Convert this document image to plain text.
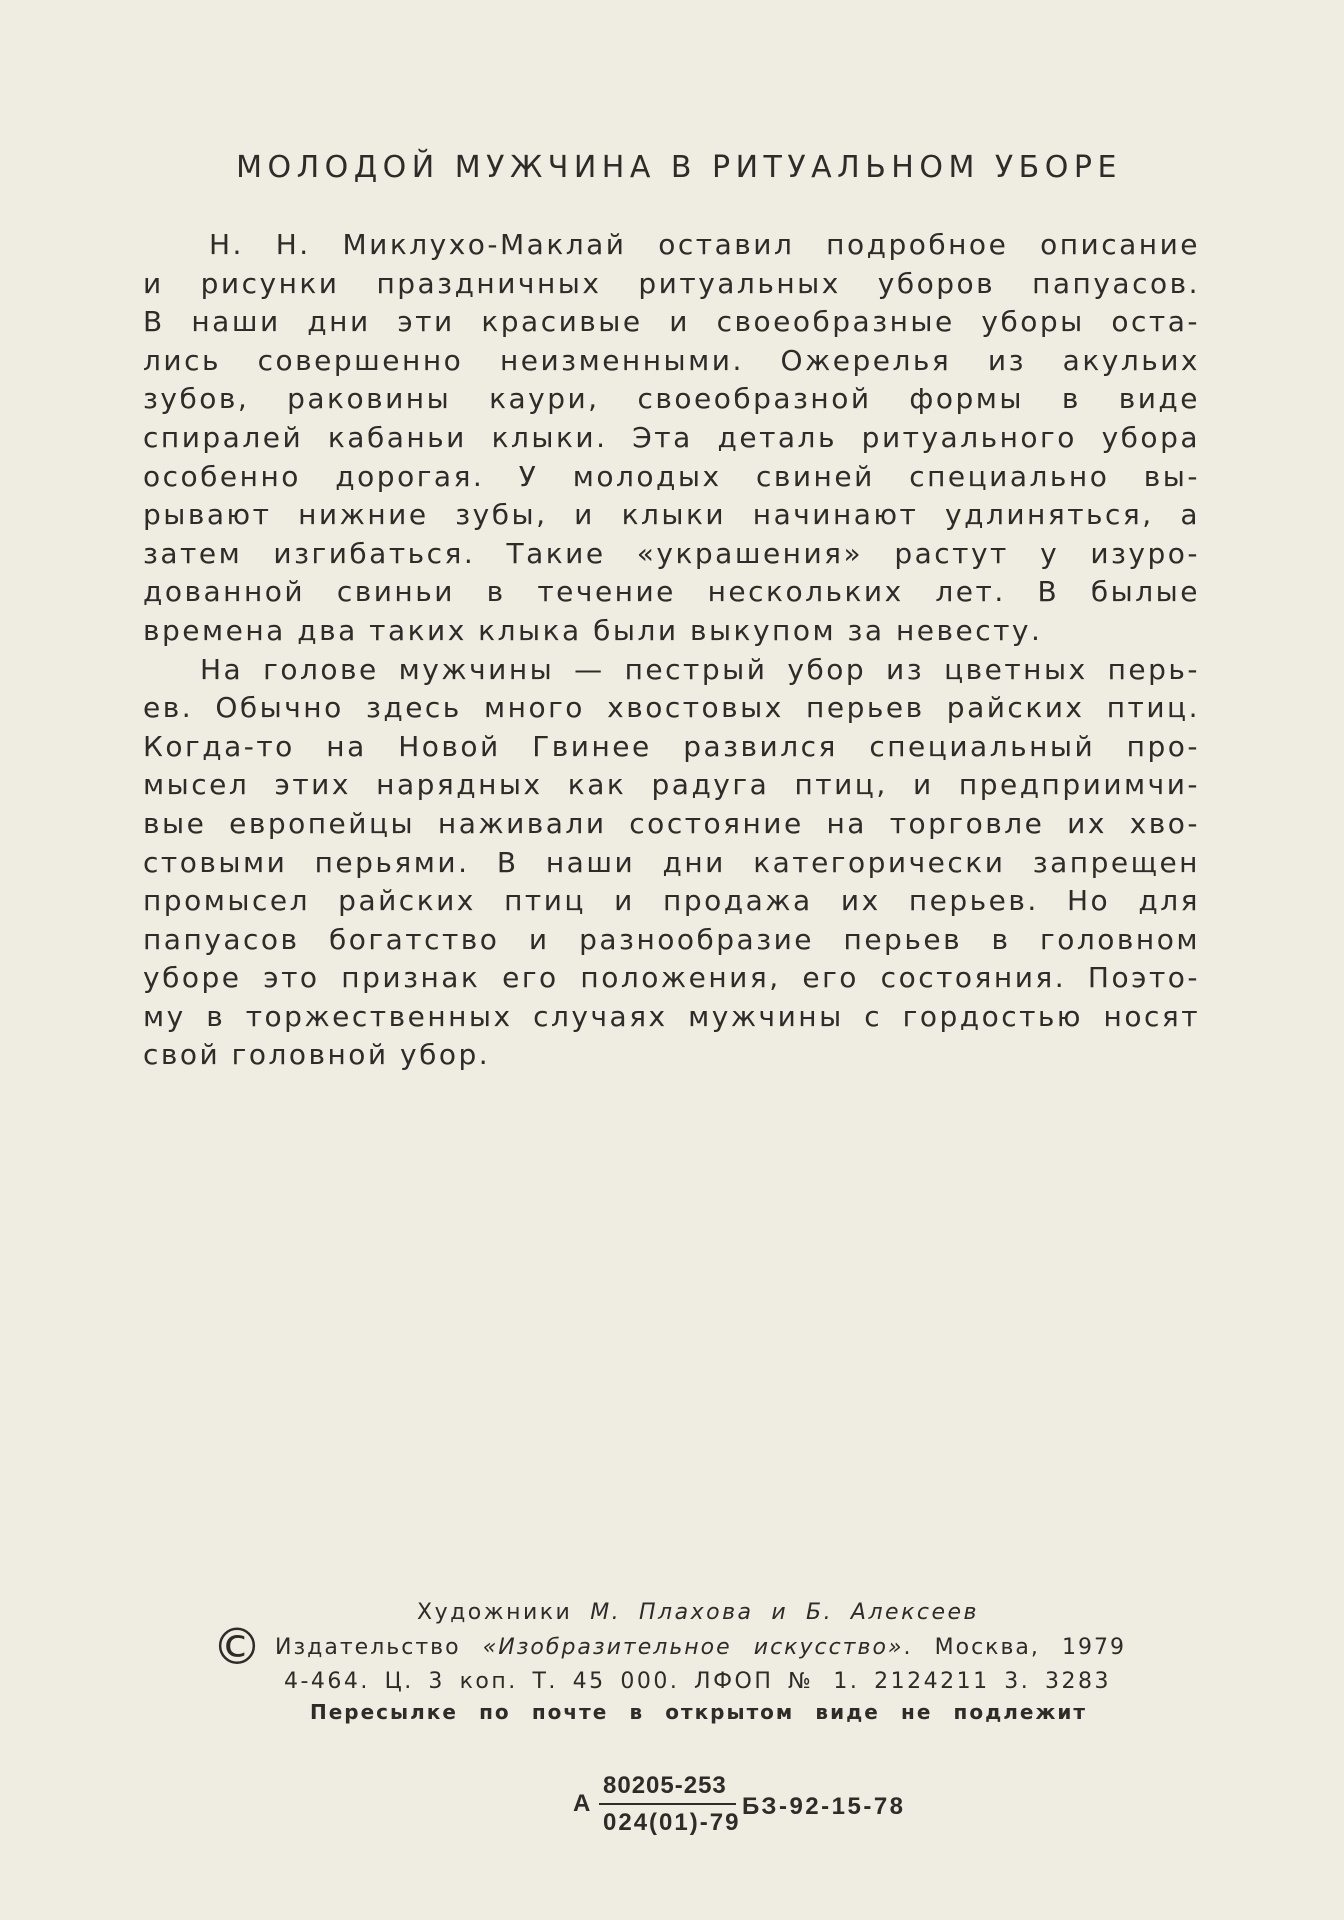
МОЛОДОЙ МУЖЧИНА В РИТУАЛЬНОМ УБОРЕ
Н. Н. Миклухо-Маклай оставил подробное описание
и рисунки праздничных ритуальных уборов папуасов.
В наши дни эти красивые и своеобразные уборы оста-
лись совершенно неизменными. Ожерелья из акульих
зубов, раковины каури, своеобразной формы в виде
спиралей кабаньи клыки. Эта деталь ритуального убора
особенно дорогая. У молодых свиней специально вы-
рывают нижние зубы, и клыки начинают удлиняться, а
затем изгибаться. Такие «украшения» растут у изуро-
дованной свиньи в течение нескольких лет. В былые
времена два таких клыка были выкупом за невесту.
На голове мужчины — пестрый убор из цветных перь-
ев. Обычно здесь много хвостовых перьев райских птиц.
Когда-то на Новой Гвинее развился специальный про-
мысел этих нарядных как радуга птиц, и предприимчи-
вые европейцы наживали состояние на торговле их хво-
стовыми перьями. В наши дни категорически запрещен
промысел райских птиц и продажа их перьев. Но для
папуасов богатство и разнообразие перьев в головном
уборе это признак его положения, его состояния. Поэто-
му в торжественных случаях мужчины с гордостью носят
свой головной убор.
Художники М. Плахова и Б. Алексеев
© Издательство «Изобразительное искусство». Москва, 1979
4-464. Ц. 3 коп. Т. 45 000. ЛФОП № 1. 2124211 3. 3283
Пересылке по почте в открытом виде не подлежит
А
80205-253
024(01)-79
БЗ-92-15-78
